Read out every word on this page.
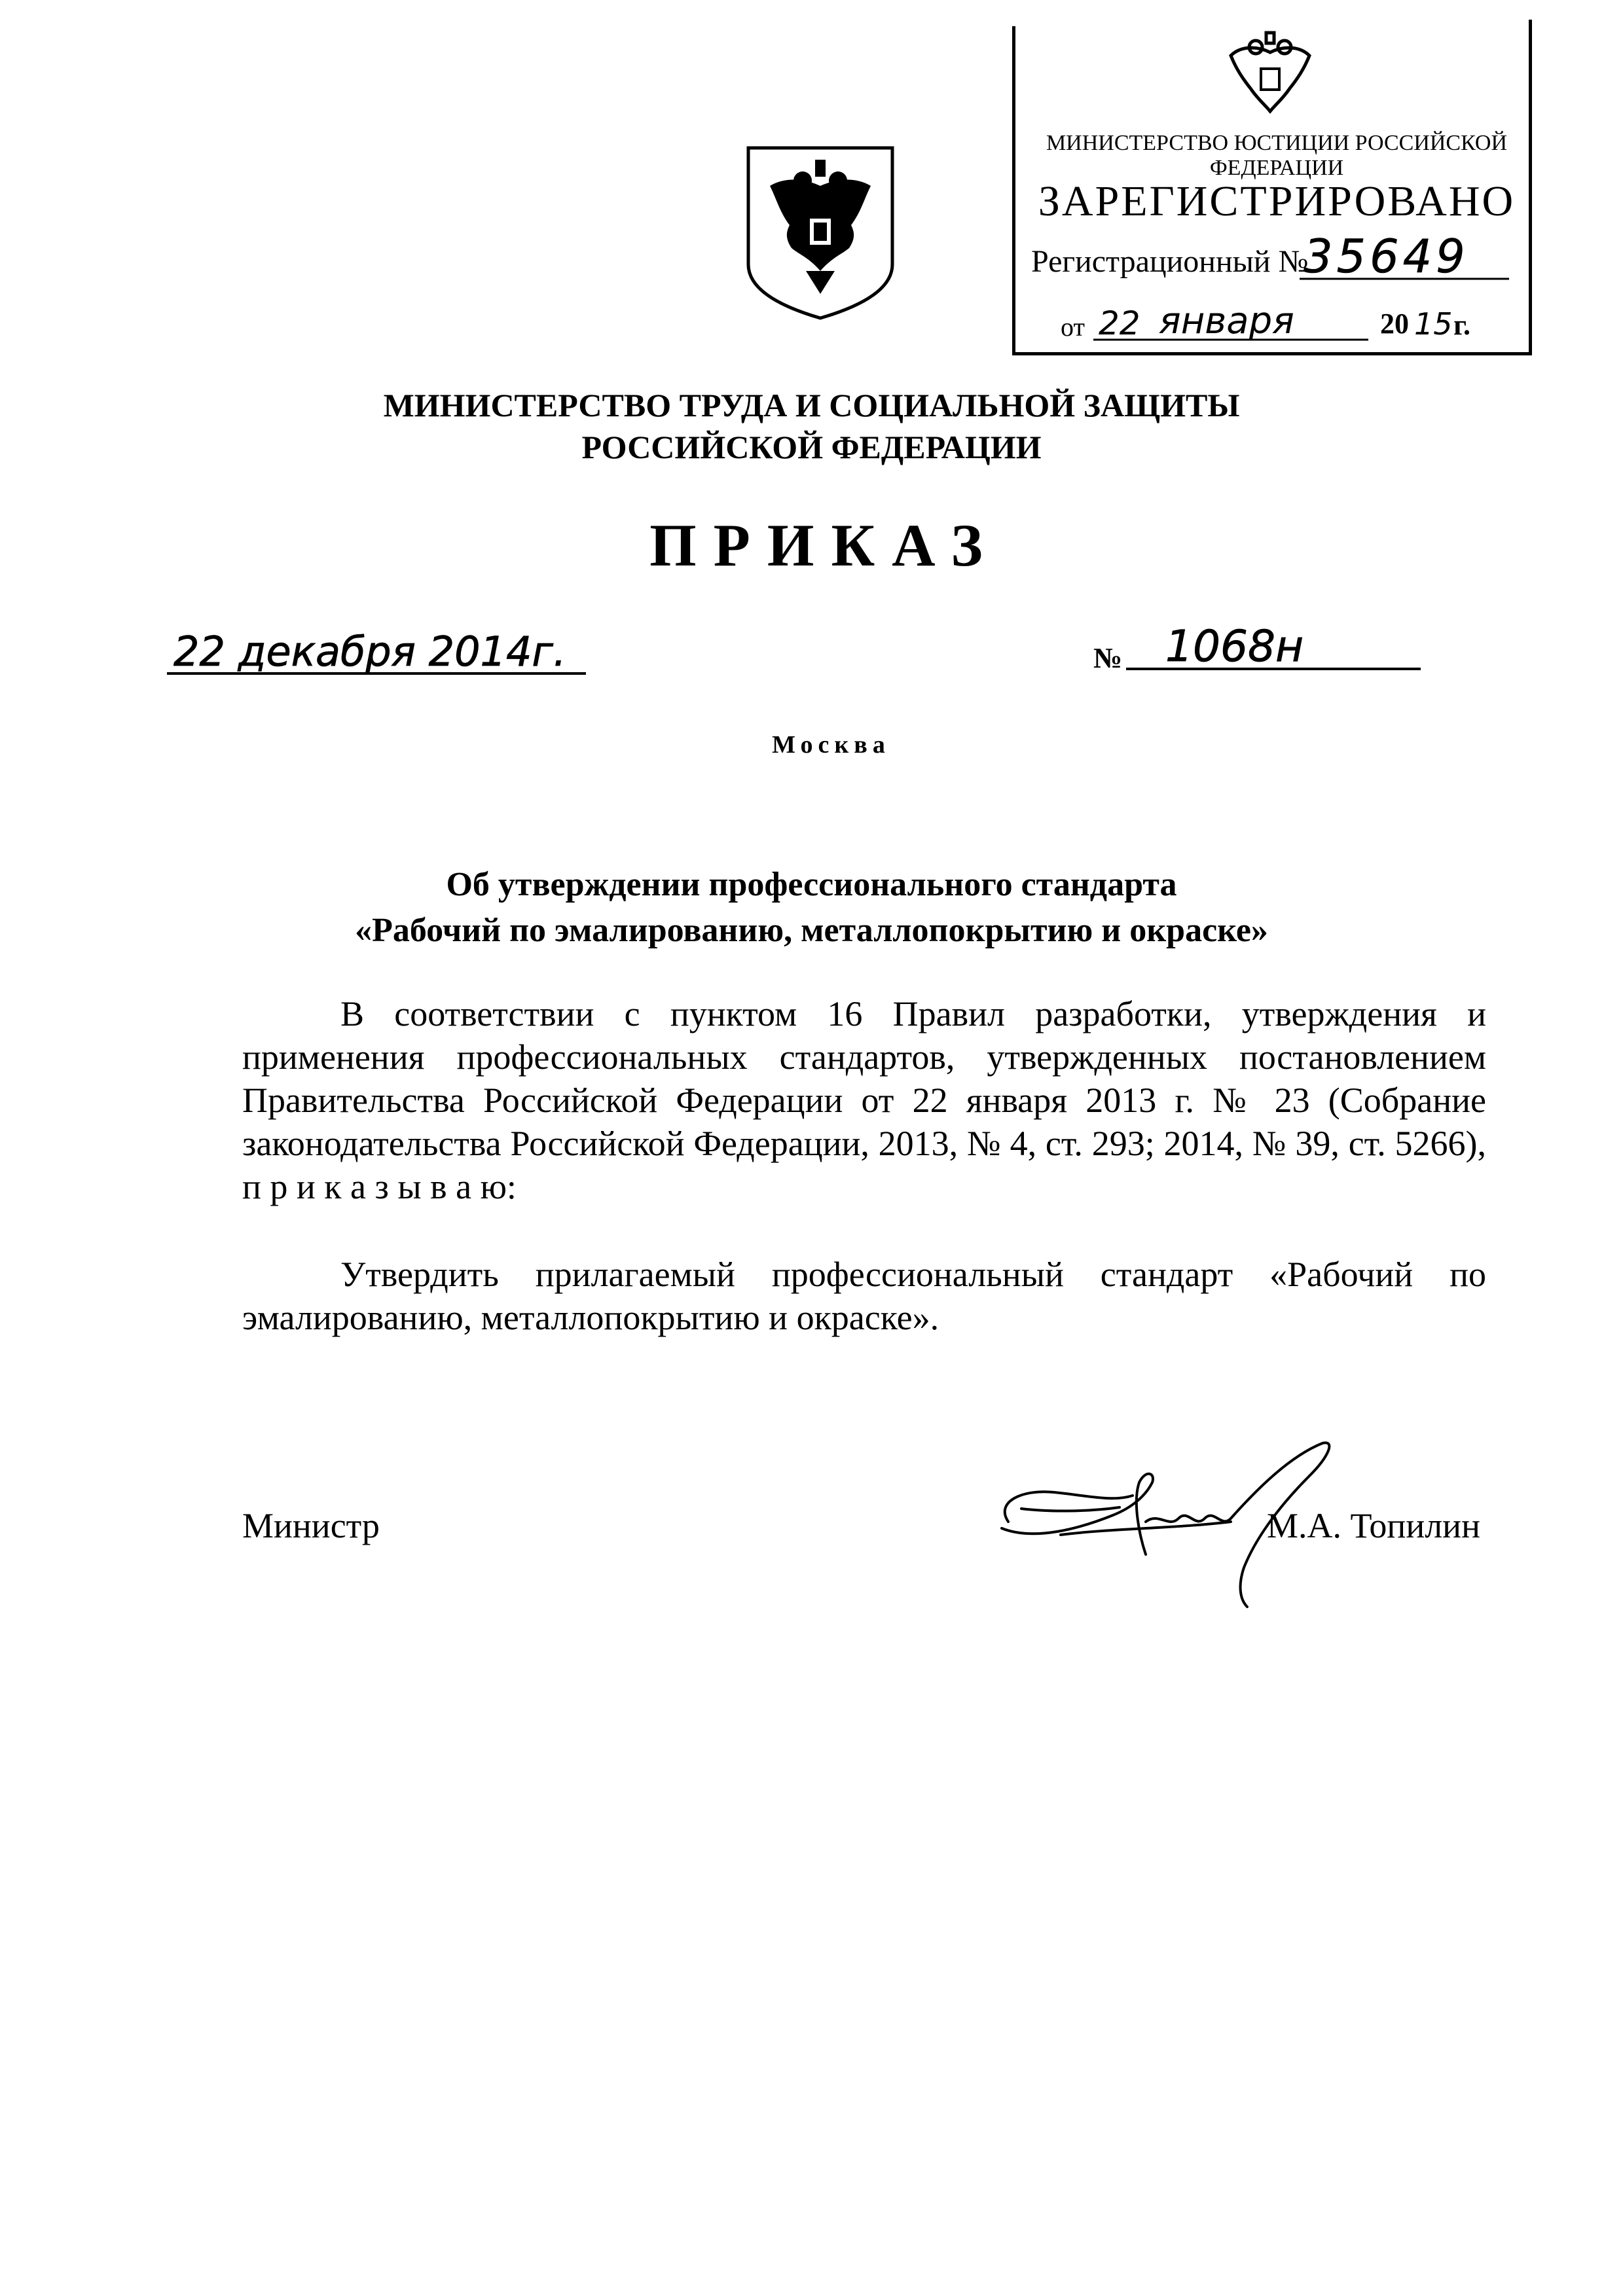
МИНИСТЕРСТВО ЮСТИЦИИ РОССИЙСКОЙ ФЕДЕРАЦИИ
ЗАРЕГИСТРИРОВАНО
Регистрационный №
35649
от 22 января	20 15 г.
МИНИСТЕРСТВО ТРУДА И СОЦИАЛЬНОЙ ЗАЩИТЫ
РОССИЙСКОЙ ФЕДЕРАЦИИ
ПРИКАЗ
22 декабря 2014г.	№ 1068н
Москва
Об утверждении профессионального стандарта
«Рабочий по эмалированию, металлопокрытию и окраске»
В соответствии с пунктом 16 Правил разработки, утверждения и применения профессиональных стандартов, утвержденных постановлением Правительства Российской Федерации от 22 января 2013 г. № 23 (Собрание законодательства Российской Федерации, 2013, № 4, ст. 293; 2014, № 39, ст. 5266), п р и к а з ы в а ю:
Утвердить прилагаемый профессиональный стандарт «Рабочий по эмалированию, металлопокрытию и окраске».
Министр	М.А. Топилин
